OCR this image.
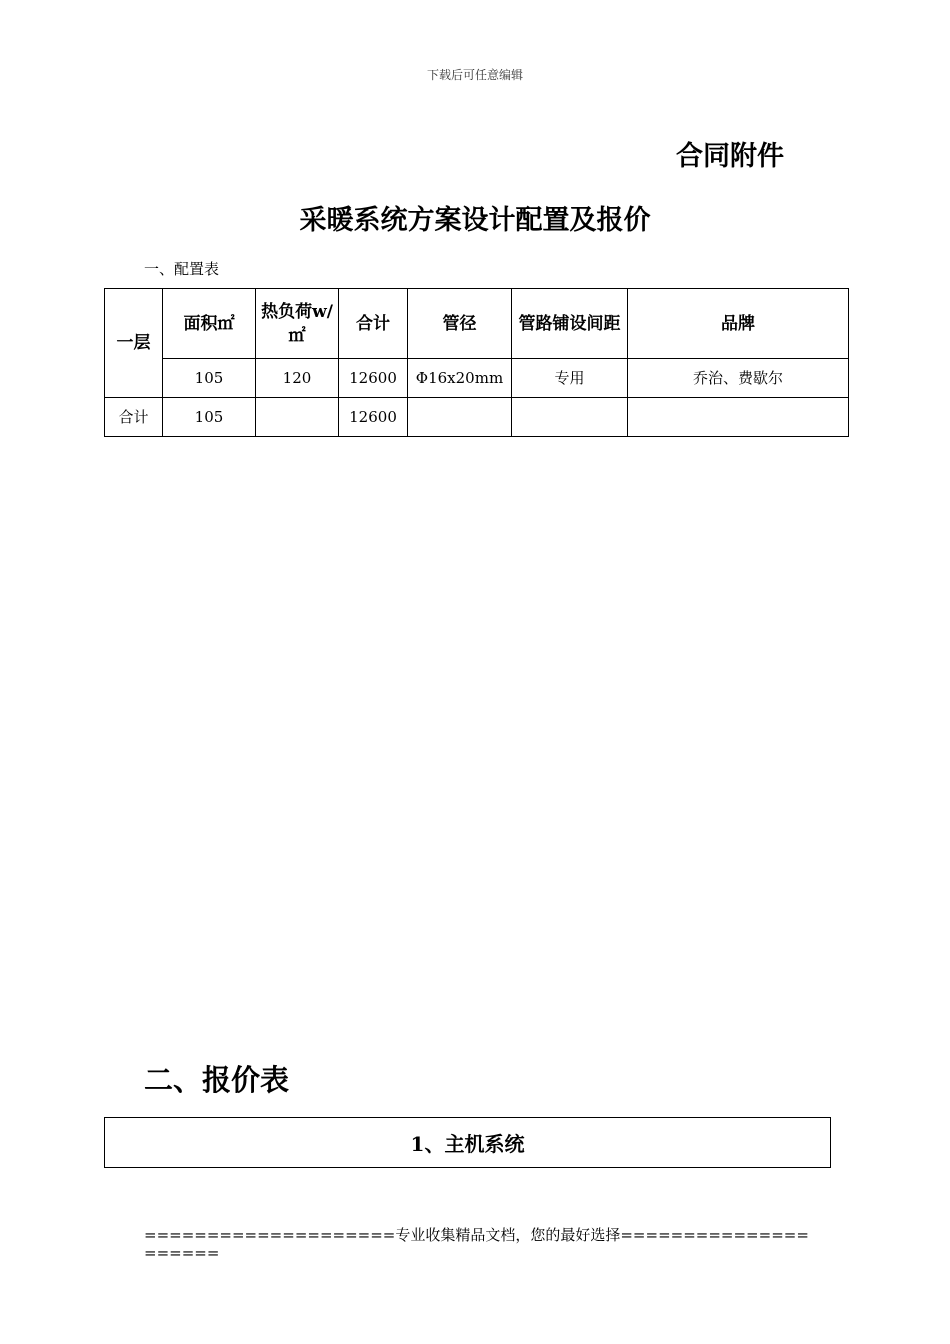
下载后可任意编辑
合同附件
采暖系统方案设计配置及报价
一、配置表
一层	面积㎡	热负荷w/㎡	合计	管径	管路铺设间距	品牌
	105	120	12600	Φ16x20mm	专用	乔治、费歇尔
合计	105		12600			
二、报价表
1、主机系统
====================专业收集精品文档，您的最好选择=====================
